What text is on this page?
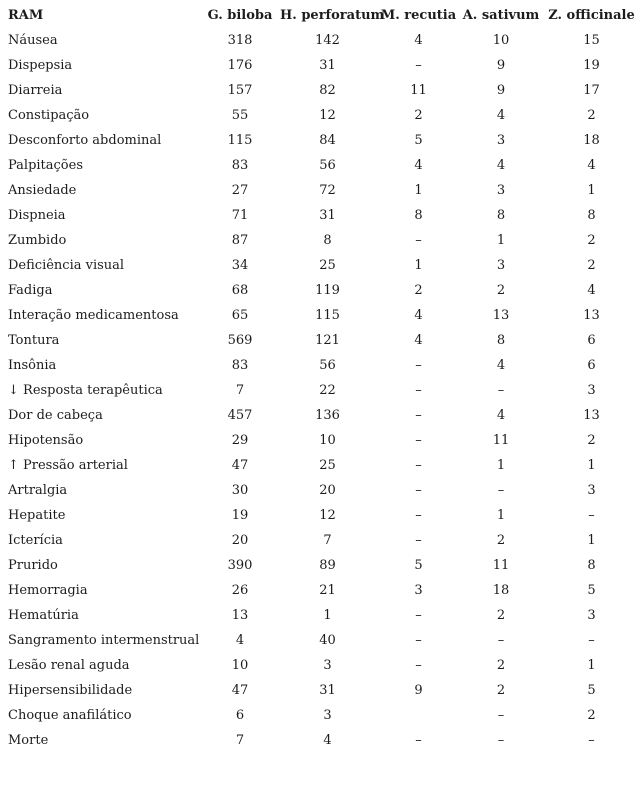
RAM	G. biloba	H. perforatum	M. recutia	A. sativum	Z. officinale
Náusea	318	142	4	10	15
Dispepsia	176	31	–	9	19
Diarreia	157	82	11	9	17
Constipação	55	12	2	4	2
Desconforto abdominal	115	84	5	3	18
Palpitações	83	56	4	4	4
Ansiedade	27	72	1	3	1
Dispneia	71	31	8	8	8
Zumbido	87	8	–	1	2
Deficiência visual	34	25	1	3	2
Fadiga	68	119	2	2	4
Interação medicamentosa	65	115	4	13	13
Tontura	569	121	4	8	6
Insônia	83	56	–	4	6
↓ Resposta terapêutica	7	22	–	–	3
Dor de cabeça	457	136	–	4	13
Hipotensão	29	10	–	11	2
↑ Pressão arterial	47	25	–	1	1
Artralgia	30	20	–	–	3
Hepatite	19	12	–	1	–
Icterícia	20	7	–	2	1
Prurido	390	89	5	11	8
Hemorragia	26	21	3	18	5
Hematúria	13	1	–	2	3
Sangramento intermenstrual	4	40	–	–	–
Lesão renal aguda	10	3	–	2	1
Hipersensibilidade	47	31	9	2	5
Choque anafilático	6	3		–	2
Morte	7	4	–	–	–
